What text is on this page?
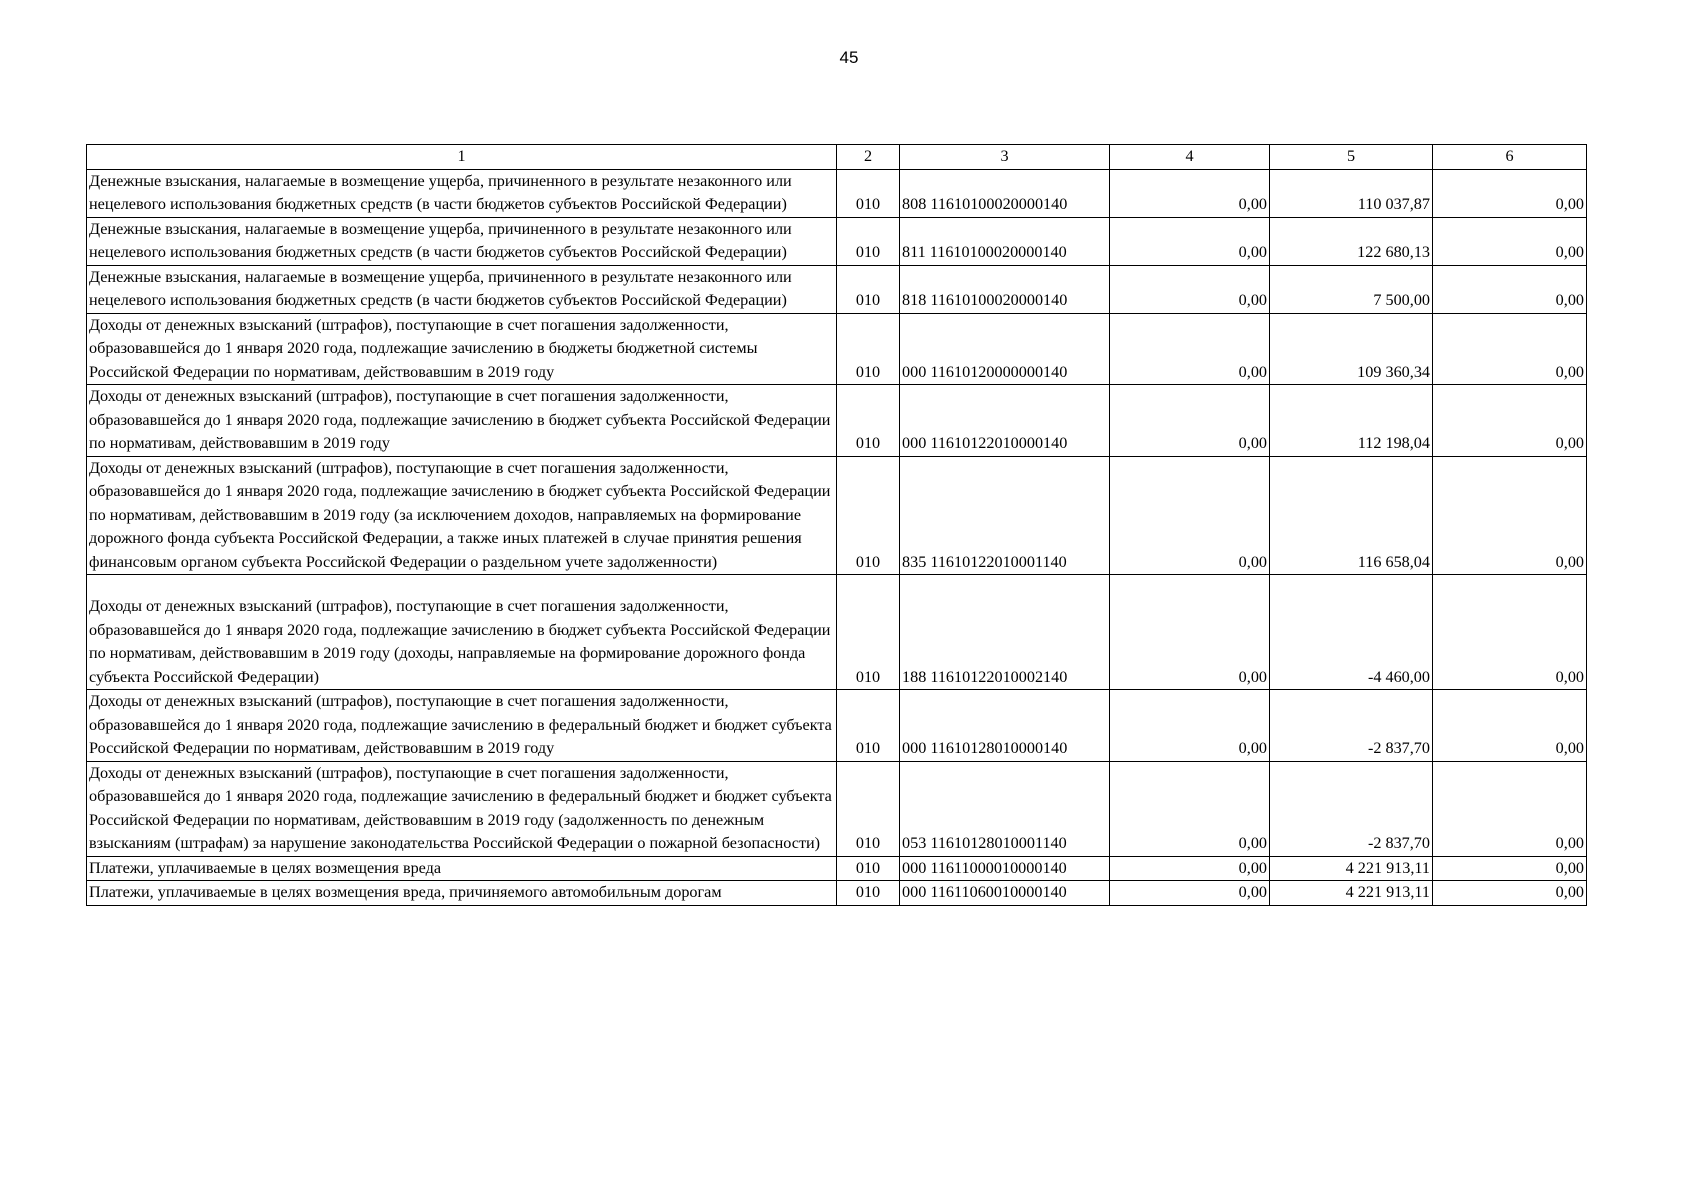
45
1	2	3	4	5	6
Денежные взыскания, налагаемые в возмещение ущерба, причиненного в результате незаконного или нецелевого использования бюджетных средств (в части бюджетов субъектов Российской Федерации)	010	808 11610100020000140	0,00	110 037,87	0,00
Денежные взыскания, налагаемые в возмещение ущерба, причиненного в результате незаконного или нецелевого использования бюджетных средств (в части бюджетов субъектов Российской Федерации)	010	811 11610100020000140	0,00	122 680,13	0,00
Денежные взыскания, налагаемые в возмещение ущерба, причиненного в результате незаконного или нецелевого использования бюджетных средств (в части бюджетов субъектов Российской Федерации)	010	818 11610100020000140	0,00	7 500,00	0,00
Доходы от денежных взысканий (штрафов), поступающие в счет погашения задолженности, образовавшейся до 1 января 2020 года, подлежащие зачислению в бюджеты бюджетной системы Российской Федерации по нормативам, действовавшим в 2019 году	010	000 11610120000000140	0,00	109 360,34	0,00
Доходы от денежных взысканий (штрафов), поступающие в счет погашения задолженности, образовавшейся до 1 января 2020 года, подлежащие зачислению в бюджет субъекта Российской Федерации по нормативам, действовавшим в 2019 году	010	000 11610122010000140	0,00	112 198,04	0,00
Доходы от денежных взысканий (штрафов), поступающие в счет погашения задолженности, образовавшейся до 1 января 2020 года, подлежащие зачислению в бюджет субъекта Российской Федерации по нормативам, действовавшим в 2019 году (за исключением доходов, направляемых на формирование дорожного фонда субъекта Российской Федерации, а также иных платежей в случае принятия решения финансовым органом субъекта Российской Федерации о раздельном учете задолженности)	010	835 11610122010001140	0,00	116 658,04	0,00

Доходы от денежных взысканий (штрафов), поступающие в счет погашения задолженности, образовавшейся до 1 января 2020 года, подлежащие зачислению в бюджет субъекта Российской Федерации по нормативам, действовавшим в 2019 году (доходы, направляемые на формирование дорожного фонда субъекта Российской Федерации)	010	188 11610122010002140	0,00	-4 460,00	0,00
Доходы от денежных взысканий (штрафов), поступающие в счет погашения задолженности, образовавшейся до 1 января 2020 года, подлежащие зачислению в федеральный бюджет и бюджет субъекта Российской Федерации по нормативам, действовавшим в 2019 году	010	000 11610128010000140	0,00	-2 837,70	0,00
Доходы от денежных взысканий (штрафов), поступающие в счет погашения задолженности, образовавшейся до 1 января 2020 года, подлежащие зачислению в федеральный бюджет и бюджет субъекта Российской Федерации по нормативам, действовавшим в 2019 году (задолженность по денежным взысканиям (штрафам) за нарушение законодательства Российской Федерации о пожарной безопасности)	010	053 11610128010001140	0,00	-2 837,70	0,00
Платежи, уплачиваемые в целях возмещения вреда	010	000 11611000010000140	0,00	4 221 913,11	0,00
Платежи, уплачиваемые в целях возмещения вреда, причиняемого автомобильным дорогам	010	000 11611060010000140	0,00	4 221 913,11	0,00
